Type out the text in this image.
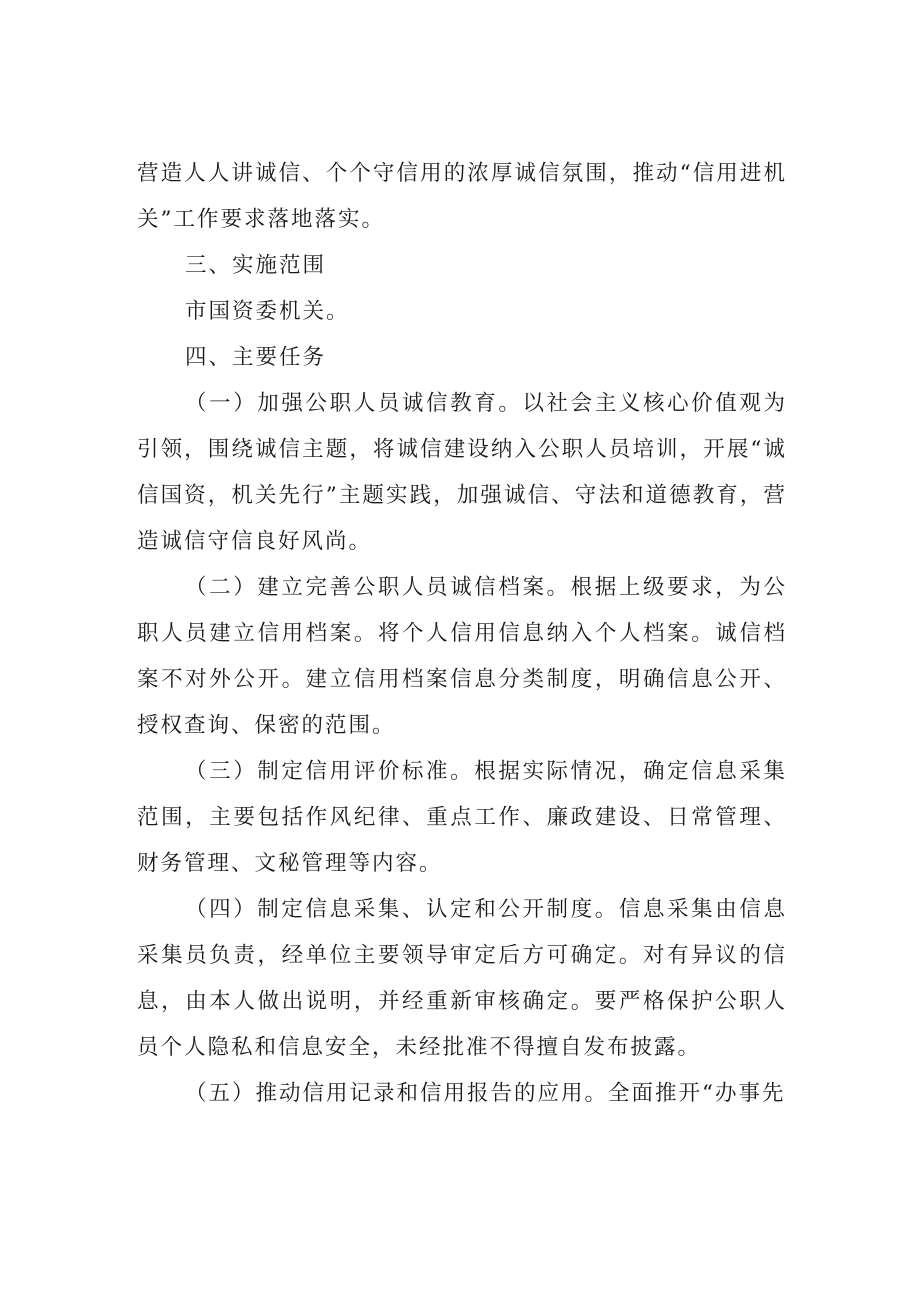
营造人人讲诚信、个个守信用的浓厚诚信氛围，推动“信用进机关”工作要求落地落实。

三、实施范围

市国资委机关。

四、主要任务

（一）加强公职人员诚信教育。以社会主义核心价值观为引领，围绕诚信主题，将诚信建设纳入公职人员培训，开展“诚信国资，机关先行”主题实践，加强诚信、守法和道德教育，营造诚信守信良好风尚。

（二）建立完善公职人员诚信档案。根据上级要求，为公职人员建立信用档案。将个人信用信息纳入个人档案。诚信档案不对外公开。建立信用档案信息分类制度，明确信息公开、授权查询、保密的范围。

（三）制定信用评价标准。根据实际情况，确定信息采集范围，主要包括作风纪律、重点工作、廉政建设、日常管理、财务管理、文秘管理等内容。

（四）制定信息采集、认定和公开制度。信息采集由信息采集员负责，经单位主要领导审定后方可确定。对有异议的信息，由本人做出说明，并经重新审核确定。要严格保护公职人员个人隐私和信息安全，未经批准不得擅自发布披露。

（五）推动信用记录和信用报告的应用。全面推开“办事先
